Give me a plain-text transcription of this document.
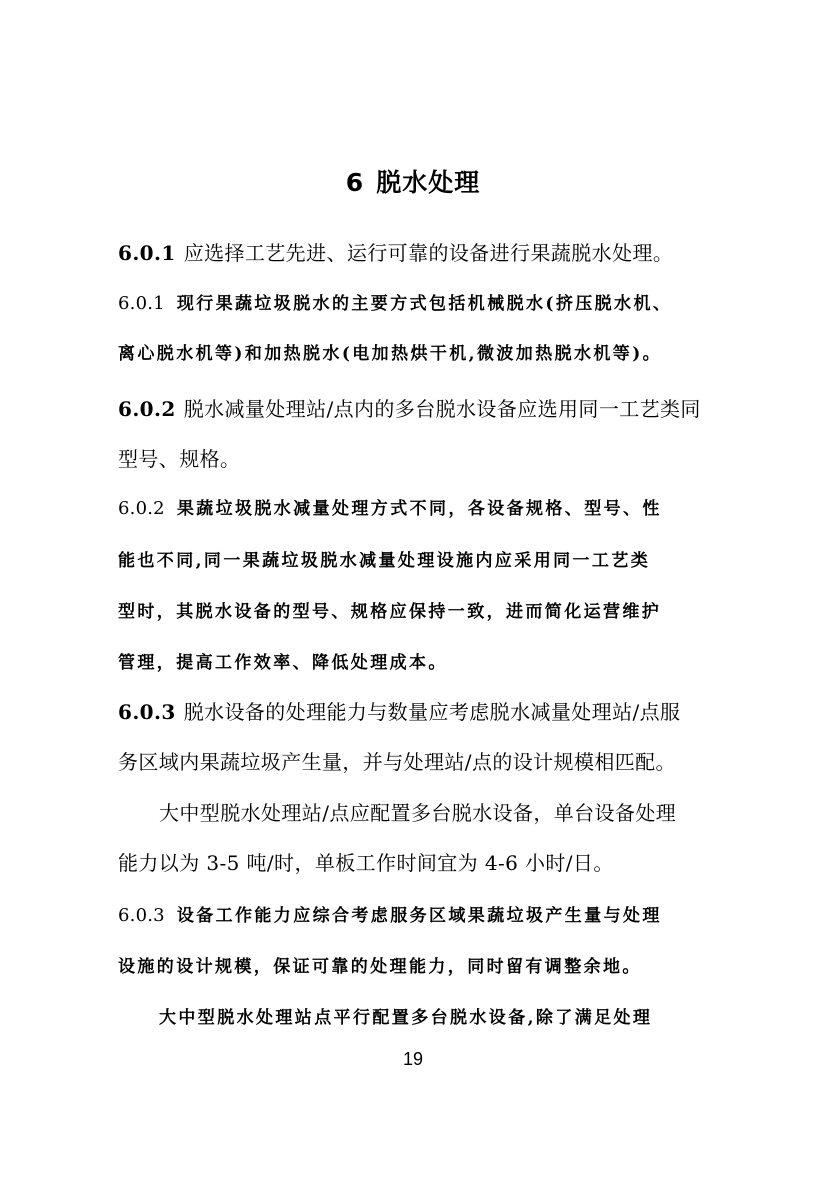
6 脱水处理
6.0.1 应选择工艺先进、运行可靠的设备进行果蔬脱水处理。
6.0.1 现行果蔬垃圾脱水的主要方式包括机械脱水(挤压脱水机、
离心脱水机等)和加热脱水(电加热烘干机,微波加热脱水机等)。
6.0.2 脱水减量处理站/点内的多台脱水设备应选用同一工艺类同
型号、规格。
6.0.2 果蔬垃圾脱水减量处理方式不同，各设备规格、型号、性
能也不同,同一果蔬垃圾脱水减量处理设施内应采用同一工艺类
型时，其脱水设备的型号、规格应保持一致，进而简化运营维护
管理，提高工作效率、降低处理成本。
6.0.3 脱水设备的处理能力与数量应考虑脱水减量处理站/点服
务区域内果蔬垃圾产生量，并与处理站/点的设计规模相匹配。
大中型脱水处理站/点应配置多台脱水设备，单台设备处理
能力以为 3-5 吨/时，单板工作时间宜为 4-6 小时/日。
6.0.3 设备工作能力应综合考虑服务区域果蔬垃圾产生量与处理
设施的设计规模，保证可靠的处理能力，同时留有调整余地。
大中型脱水处理站点平行配置多台脱水设备,除了满足处理
19
